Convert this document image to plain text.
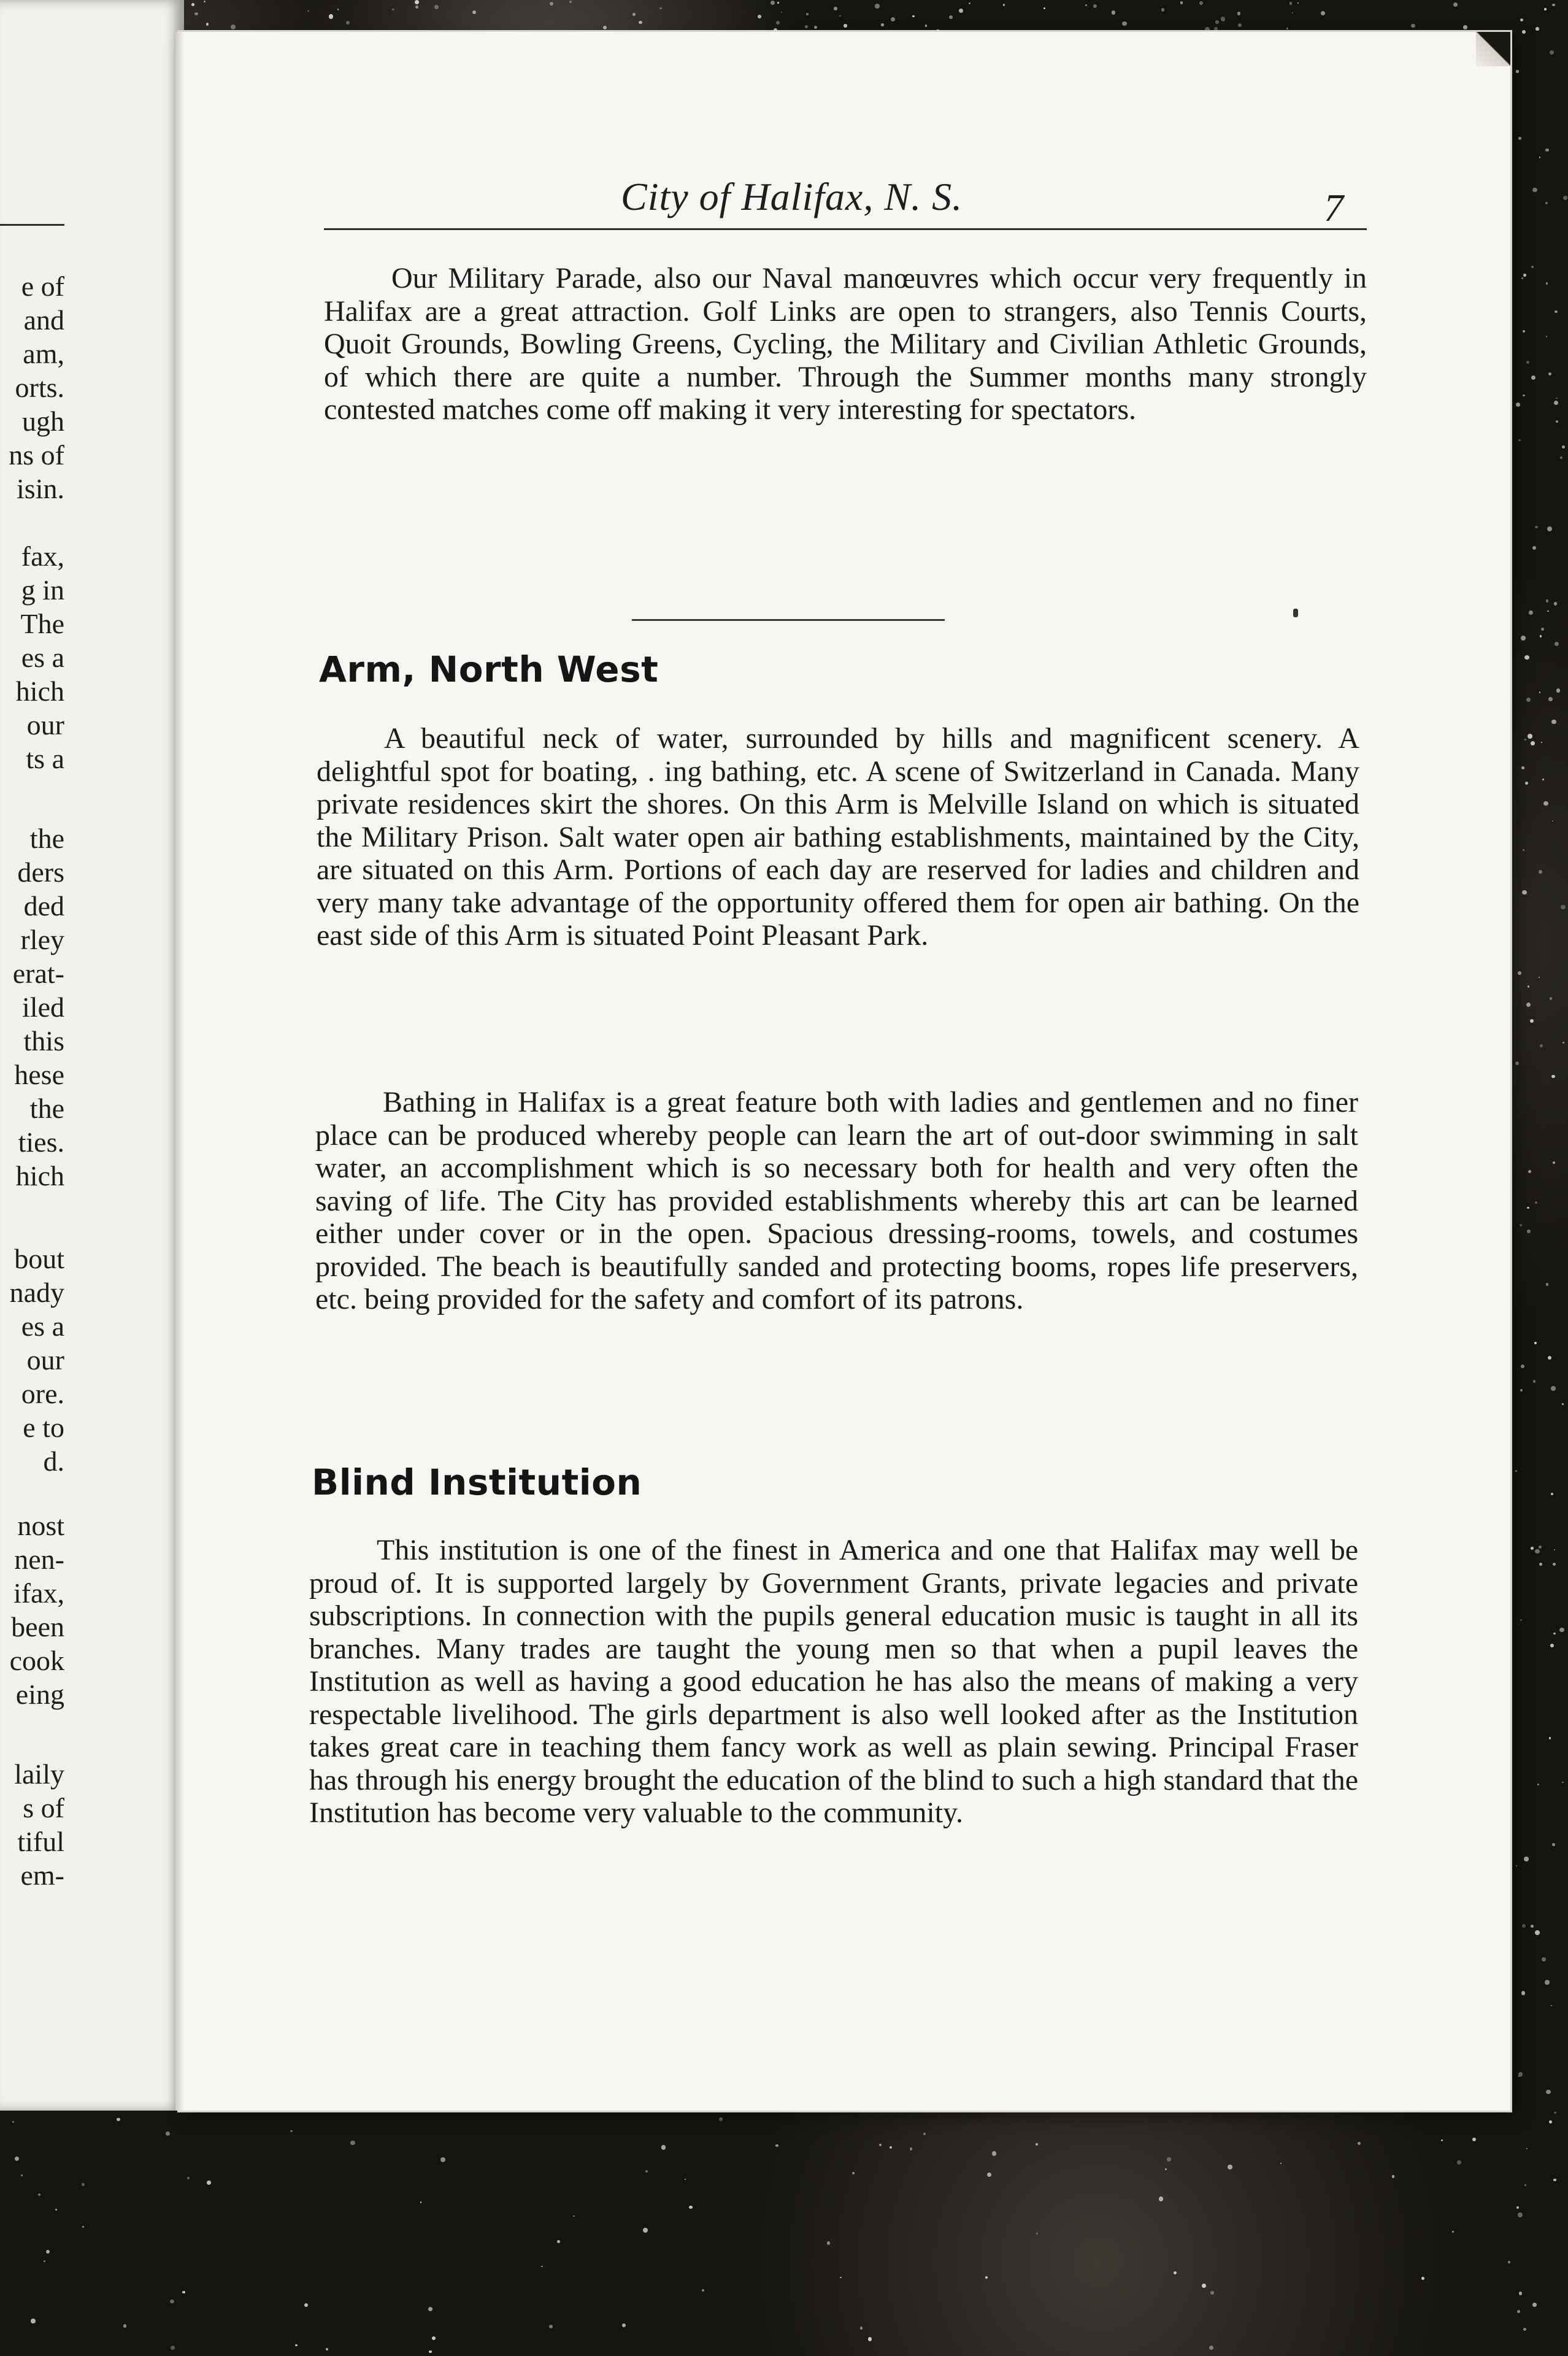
e of
and
am,
orts.
ugh
ns of
isin.
fax,
g in
The
es a
hich
our
ts a
the
ders
ded
rley
erat-
iled
this
hese
the
ties.
hich
bout
nady
es a
our
ore.
e to
d.
nost
nen-
ifax,
been
cook
eing
laily
s of
tiful
em-
City of Halifax, N. S.	7

Our Military Parade, also our Naval manœuvres which occur very frequently in Halifax are a great attraction. Golf Links are open to strangers, also Tennis Courts, Quoit Grounds, Bowling Greens, Cycling, the Military and Civilian Athletic Grounds, of which there are quite a number. Through the Summer months many strongly contested matches come off making it very interesting for spectators.

Arm, North West

A beautiful neck of water, surrounded by hills and magnificent scenery. A delightful spot for boating, . ing bathing, etc. A scene of Switzerland in Canada. Many private residences skirt the shores. On this Arm is Melville Island on which is situated the Military Prison. Salt water open air bathing establishments, maintained by the City, are situated on this Arm. Portions of each day are reserved for ladies and children and very many take advantage of the opportunity offered them for open air bathing. On the east side of this Arm is situated Point Pleasant Park.

Bathing in Halifax is a great feature both with ladies and gentlemen and no finer place can be produced whereby people can learn the art of out-door swimming in salt water, an accomplishment which is so necessary both for health and very often the saving of life. The City has provided establishments whereby this art can be learned either under cover or in the open. Spacious dressing-rooms, towels, and costumes provided. The beach is beautifully sanded and protecting booms, ropes life preservers, etc. being provided for the safety and comfort of its patrons.

Blind Institution

This institution is one of the finest in America and one that Halifax may well be proud of. It is supported largely by Government Grants, private legacies and private subscriptions. In connection with the pupils general education music is taught in all its branches. Many trades are taught the young men so that when a pupil leaves the Institution as well as having a good education he has also the means of making a very respectable livelihood. The girls department is also well looked after as the Institution takes great care in teaching them fancy work as well as plain sewing. Principal Fraser has through his energy brought the education of the blind to such a high standard that the Institution has become very valuable to the community.
